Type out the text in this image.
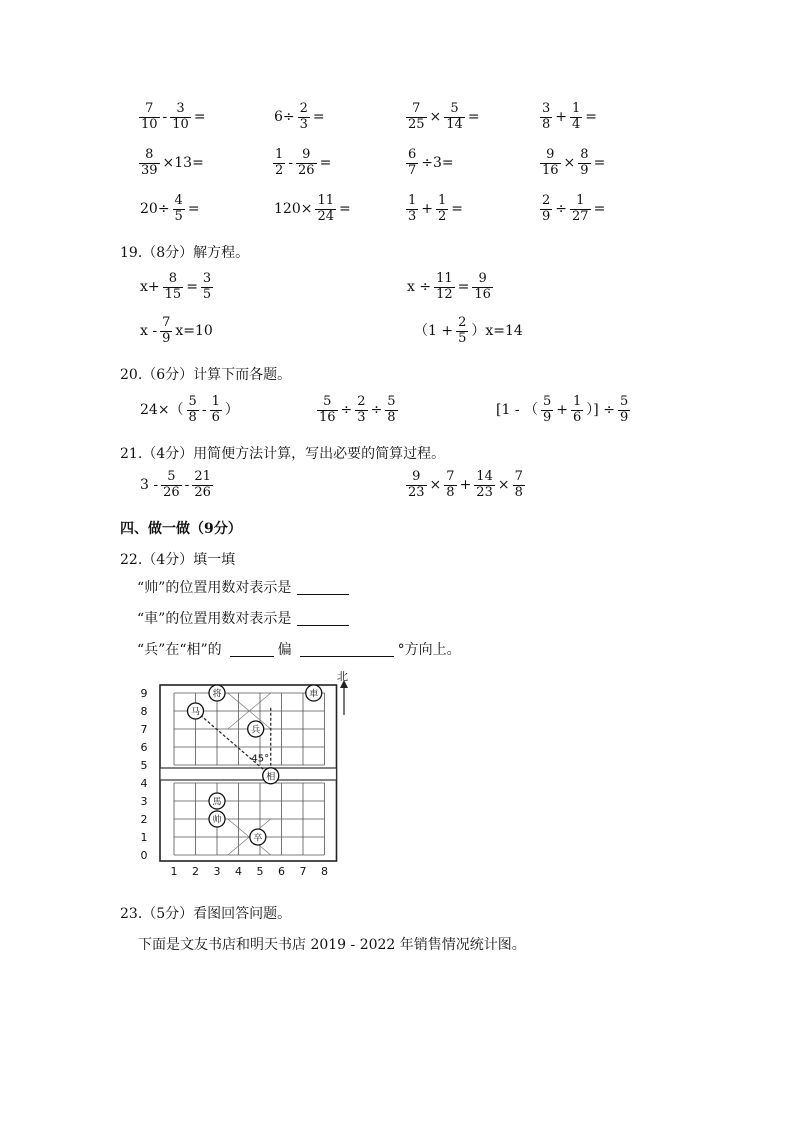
$\frac{7}{10} - \frac{3}{10}$ =	$6\div \frac{2}{3}$ =	$\frac{7}{25} \times \frac{5}{14}$ =	$\frac{3}{8} + \frac{1}{4}$ =
$\frac{8}{39} \times 13=$	$\frac{1}{2} - \frac{9}{26}$ =	$\frac{6}{7} \div 3=$	$\frac{9}{16} \times \frac{8}{9}$ =
$20\div \frac{4}{5}$ =	$120\times \frac{11}{24}$ =	$\frac{1}{3} + \frac{1}{2}$ =	$\frac{2}{9} \div \frac{1}{27}$ =
19.（8分）解方程。
$x+ \frac{8}{15} = \frac{3}{5}$	$x \div \frac{11}{12} = \frac{9}{16}$
$x - \frac{7}{9} x=10$	$(1 + \frac{2}{5} )x=14$
20.（6分）计算下而各题。
$24\times( \frac{5}{8} - \frac{1}{6}$ ）	$\frac{5}{16} \div \frac{2}{3} \div \frac{5}{8}$	[1 - （ $\frac{5}{9} + \frac{1}{6}$ ）] ÷ $\frac{5}{9}$
21.（4分）用简便方法计算，写出必要的简算过程。
$3 - \frac{5}{26} - \frac{21}{26}$	$\frac{9}{23} \times \frac{7}{8} + \frac{14}{23} \times \frac{7}{8}$
四、做一做（9分）
22.（4分）填一填
“帅”的位置用数对表示是
“車”的位置用数对表示是
“兵”在“相”的	偏	°方向上。
45°
1 2 3 4 5 6 7 8
0
1
2
3
4
5
6
7
8
9
北
将	車
马
兵
相
馬
帅
卒
23.（5分）看图回答问题。
下面是文友书店和明天书店 2019 - 2022 年销售情况统计图。
